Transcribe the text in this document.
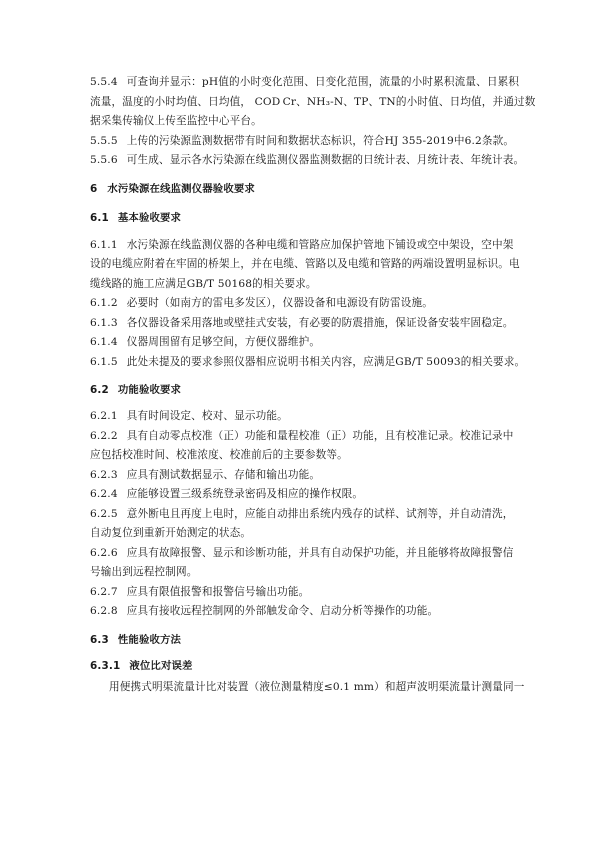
5.5.4 可查询并显示：pH值的小时变化范围、日变化范围，流量的小时累积流量、日累积
流量，温度的小时均值、日均值， COD Cr、NH₃-N、TP、TN的小时值、日均值，并通过数
据采集传输仪上传至监控中心平台。
5.5.5 上传的污染源监测数据带有时间和数据状态标识，符合HJ 355-2019中6.2条款。
5.5.6 可生成、显示各水污染源在线监测仪器监测数据的日统计表、月统计表、年统计表。
6 水污染源在线监测仪器验收要求
6.1 基本验收要求
6.1.1 水污染源在线监测仪器的各种电缆和管路应加保护管地下铺设或空中架设，空中架
设的电缆应附着在牢固的桥架上，并在电缆、管路以及电缆和管路的两端设置明显标识。电
缆线路的施工应满足GB/T 50168的相关要求。
6.1.2 必要时（如南方的雷电多发区），仪器设备和电源设有防雷设施。
6.1.3 各仪器设备采用落地或壁挂式安装，有必要的防震措施，保证设备安装牢固稳定。
6.1.4 仪器周围留有足够空间，方便仪器维护。
6.1.5 此处未提及的要求参照仪器相应说明书相关内容，应满足GB/T 50093的相关要求。
6.2 功能验收要求
6.2.1 具有时间设定、校对、显示功能。
6.2.2 具有自动零点校准（正）功能和量程校准（正）功能，且有校准记录。校准记录中
应包括校准时间、校准浓度、校准前后的主要参数等。
6.2.3 应具有测试数据显示、存储和输出功能。
6.2.4 应能够设置三级系统登录密码及相应的操作权限。
6.2.5 意外断电且再度上电时，应能自动排出系统内残存的试样、试剂等，并自动清洗，
自动复位到重新开始测定的状态。
6.2.6 应具有故障报警、显示和诊断功能，并具有自动保护功能，并且能够将故障报警信
号输出到远程控制网。
6.2.7 应具有限值报警和报警信号输出功能。
6.2.8 应具有接收远程控制网的外部触发命令、启动分析等操作的功能。
6.3 性能验收方法
6.3.1 液位比对误差
用便携式明渠流量计比对装置（液位测量精度≤0.1 mm）和超声波明渠流量计测量同一
